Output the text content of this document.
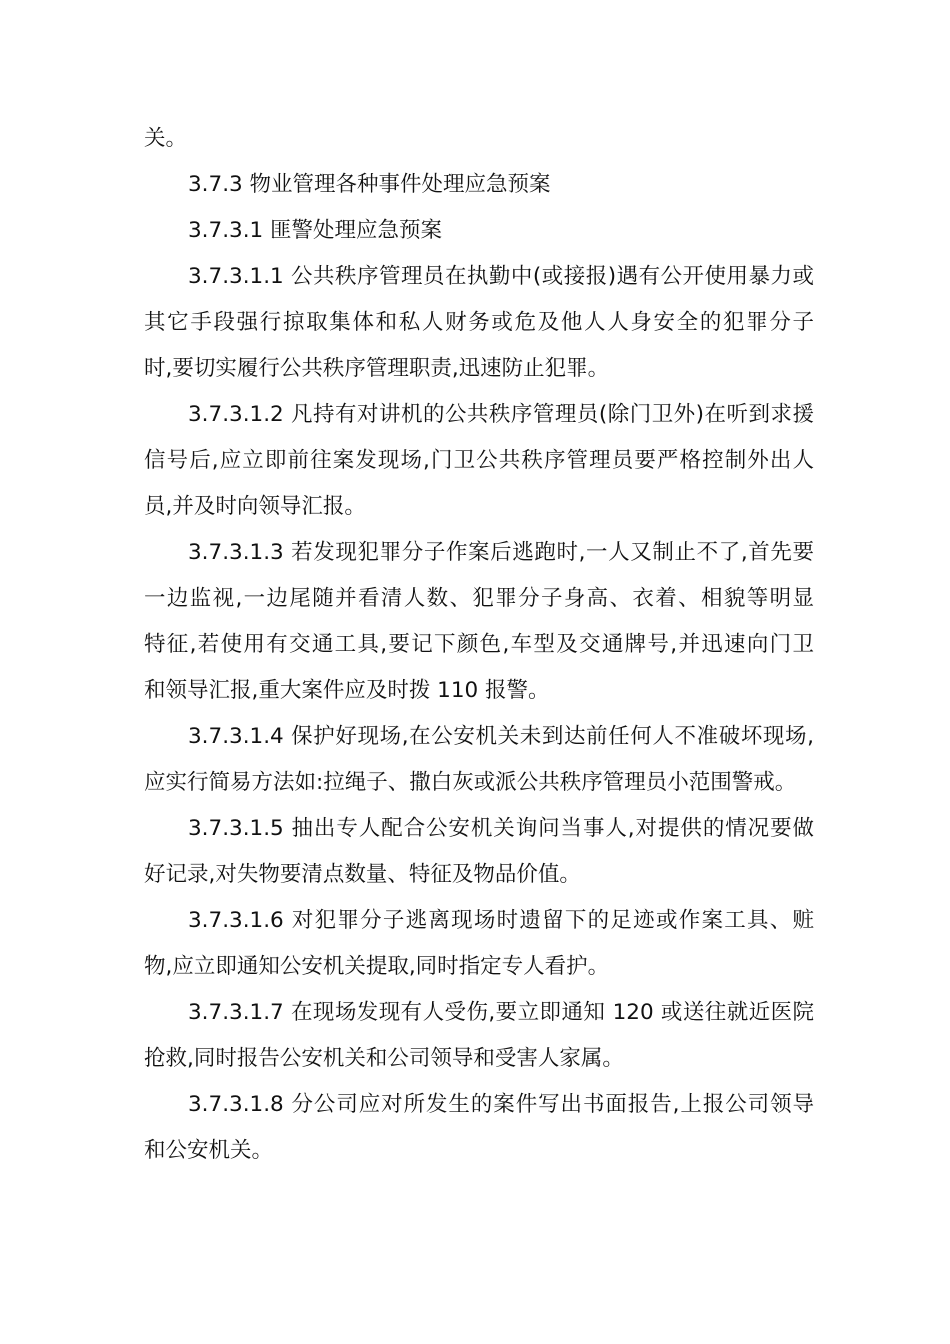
关。
3.7.3 物业管理各种事件处理应急预案
3.7.3.1 匪警处理应急预案
3.7.3.1.1 公共秩序管理员在执勤中(或接报)遇有公开使用暴力或
其它手段强行掠取集体和私人财务或危及他人人身安全的犯罪分子
时,要切实履行公共秩序管理职责,迅速防止犯罪。
3.7.3.1.2 凡持有对讲机的公共秩序管理员(除门卫外)在听到求援
信号后,应立即前往案发现场,门卫公共秩序管理员要严格控制外出人
员,并及时向领导汇报。
3.7.3.1.3 若发现犯罪分子作案后逃跑时,一人又制止不了,首先要
一边监视,一边尾随并看清人数、犯罪分子身高、衣着、相貌等明显
特征,若使用有交通工具,要记下颜色,车型及交通牌号,并迅速向门卫
和领导汇报,重大案件应及时拨 110 报警。
3.7.3.1.4 保护好现场,在公安机关未到达前任何人不准破坏现场,
应实行简易方法如:拉绳子、撒白灰或派公共秩序管理员小范围警戒。
3.7.3.1.5 抽出专人配合公安机关询问当事人,对提供的情况要做
好记录,对失物要清点数量、特征及物品价值。
3.7.3.1.6 对犯罪分子逃离现场时遗留下的足迹或作案工具、赃
物,应立即通知公安机关提取,同时指定专人看护。
3.7.3.1.7 在现场发现有人受伤,要立即通知 120 或送往就近医院
抢救,同时报告公安机关和公司领导和受害人家属。
3.7.3.1.8 分公司应对所发生的案件写出书面报告,上报公司领导
和公安机关。
